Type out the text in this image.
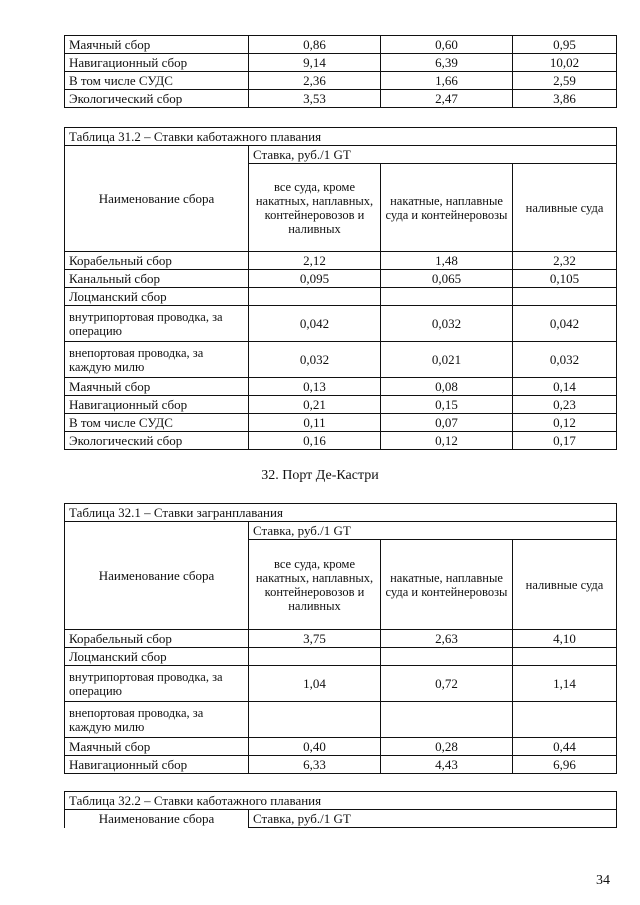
Маячный сбор	0,86	0,60	0,95
Навигационный сбор	9,14	6,39	10,02
В том числе СУДС	2,36	1,66	2,59
Экологический сбор	3,53	2,47	3,86
Таблица 31.2 – Ставки каботажного плавания			
Наименование сбора	Ставка, руб./1 GT		
	все суда, кроме накатных, наплавных, контейнеровозов и наливных	накатные, наплавные суда и контейнеровозы	наливные суда
Корабельный сбор	2,12	1,48	2,32
Канальный сбор	0,095	0,065	0,105
Лоцманский сбор			
внутрипортовая проводка, за операцию	0,042	0,032	0,042
внепортовая проводка, за каждую милю	0,032	0,021	0,032
Маячный сбор	0,13	0,08	0,14
Навигационный сбор	0,21	0,15	0,23
В том числе СУДС	0,11	0,07	0,12
Экологический сбор	0,16	0,12	0,17
32. Порт Де-Кастри
Таблица 32.1 – Ставки загранплавания			
Наименование сбора	Ставка, руб./1 GT		
	все суда, кроме накатных, наплавных, контейнеровозов и наливных	накатные, наплавные суда и контейнеровозы	наливные суда
Корабельный сбор	3,75	2,63	4,10
Лоцманский сбор			
внутрипортовая проводка, за операцию	1,04	0,72	1,14
внепортовая проводка, за каждую милю			
Маячный сбор	0,40	0,28	0,44
Навигационный сбор	6,33	4,43	6,96
Таблица 32.2 – Ставки каботажного плавания
Наименование сбора	Ставка, руб./1 GT
34
